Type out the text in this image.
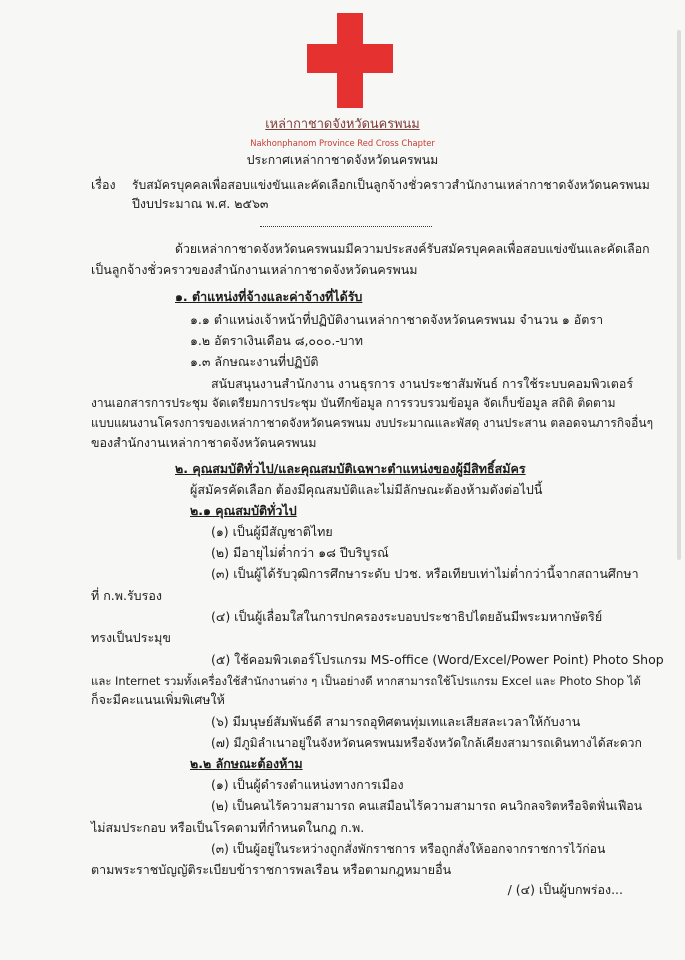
เหล่ากาชาดจังหวัดนครพนม
Nakhonphanom Province Red Cross Chapter
ประกาศเหล่ากาชาดจังหวัดนครพนม
เรื่อง รับสมัครบุคคลเพื่อสอบแข่งขันและคัดเลือกเป็นลูกจ้างชั่วคราวสำนักงานเหล่ากาชาดจังหวัดนครพนม
ปีงบประมาณ พ.ศ. ๒๕๖๓
ด้วยเหล่ากาชาดจังหวัดนครพนมมีความประสงค์รับสมัครบุคคลเพื่อสอบแข่งขันและคัดเลือก
เป็นลูกจ้างชั่วคราวของสำนักงานเหล่ากาชาดจังหวัดนครพนม
๑. ตำแหน่งที่จ้างและค่าจ้างที่ได้รับ
๑.๑ ตำแหน่งเจ้าหน้าที่ปฏิบัติงานเหล่ากาชาดจังหวัดนครพนม จำนวน ๑ อัตรา
๑.๒ อัตราเงินเดือน ๘,๐๐๐.-บาท
๑.๓ ลักษณะงานที่ปฏิบัติ
สนับสนุนงานสำนักงาน งานธุรการ งานประชาสัมพันธ์ การใช้ระบบคอมพิวเตอร์
งานเอกสารการประชุม จัดเตรียมการประชุม บันทึกข้อมูล การรวบรวมข้อมูล จัดเก็บข้อมูล สถิติ ติดตาม
แบบแผนงานโครงการของเหล่ากาชาดจังหวัดนครพนม งบประมาณและพัสดุ งานประสาน ตลอดจนภารกิจอื่นๆ
ของสำนักงานเหล่ากาชาดจังหวัดนครพนม
๒. คุณสมบัติทั่วไป/และคุณสมบัติเฉพาะตำแหน่งของผู้มีสิทธิ์สมัคร
ผู้สมัครคัดเลือก ต้องมีคุณสมบัติและไม่มีลักษณะต้องห้ามดังต่อไปนี้
๒.๑ คุณสมบัติทั่วไป
(๑) เป็นผู้มีสัญชาติไทย
(๒) มีอายุไม่ต่ำกว่า ๑๘ ปีบริบูรณ์
(๓) เป็นผู้ได้รับวุฒิการศึกษาระดับ ปวช. หรือเทียบเท่าไม่ต่ำกว่านี้จากสถานศึกษา
ที่ ก.พ.รับรอง
(๔) เป็นผู้เลื่อมใสในการปกครองระบอบประชาธิปไตยอันมีพระมหากษัตริย์
ทรงเป็นประมุข
(๕) ใช้คอมพิวเตอร์โปรแกรม MS-office (Word/Excel/Power Point) Photo Shop
และ Internet รวมทั้งเครื่องใช้สำนักงานต่าง ๆ เป็นอย่างดี หากสามารถใช้โปรแกรม Excel และ Photo Shop ได้
ก็จะมีคะแนนเพิ่มพิเศษให้
(๖) มีมนุษย์สัมพันธ์ดี สามารถอุทิศตนทุ่มเทและเสียสละเวลาให้กับงาน
(๗) มีภูมิลำเนาอยู่ในจังหวัดนครพนมหรือจังหวัดใกล้เคียงสามารถเดินทางได้สะดวก
๒.๒ ลักษณะต้องห้าม
(๑) เป็นผู้ดำรงตำแหน่งทางการเมือง
(๒) เป็นคนไร้ความสามารถ คนเสมือนไร้ความสามารถ คนวิกลจริตหรือจิตฟั่นเฟือน
ไม่สมประกอบ หรือเป็นโรคตามที่กำหนดในกฎ ก.พ.
(๓) เป็นผู้อยู่ในระหว่างถูกสั่งพักราชการ หรือถูกสั่งให้ออกจากราชการไว้ก่อน
ตามพระราชบัญญัติระเบียบข้าราชการพลเรือน หรือตามกฎหมายอื่น
/ (๔) เป็นผู้บกพร่อง...
